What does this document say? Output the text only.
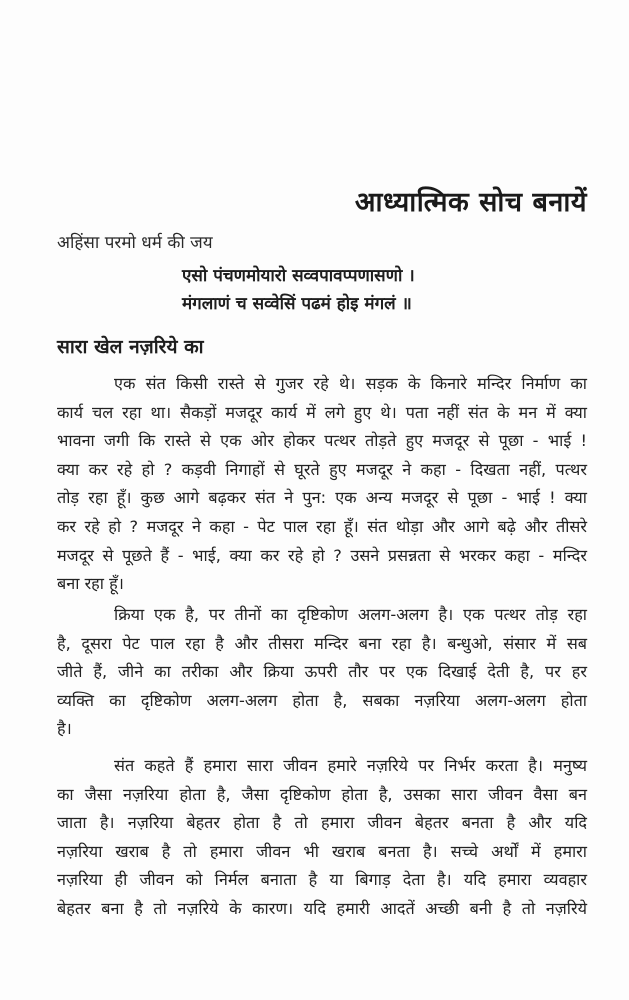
आध्यात्मिक सोच बनायें
अहिंसा परमो धर्म की जय
एसो पंचणमोयारो सव्वपावप्पणासणो ।
मंगलाणं च सव्वेसिं पढमं होइ मंगलं ॥
सारा खेल नज़रिये का
एक संत किसी रास्ते से गुजर रहे थे। सड़क के किनारे मन्दिर निर्माण का
कार्य चल रहा था। सैकड़ों मजदूर कार्य में लगे हुए थे। पता नहीं संत के मन में क्या
भावना जगी कि रास्ते से एक ओर होकर पत्थर तोड़ते हुए मजदूर से पूछा - भाई !
क्या कर रहे हो ? कड़वी निगाहों से घूरते हुए मजदूर ने कहा - दिखता नहीं, पत्थर
तोड़ रहा हूँ। कुछ आगे बढ़कर संत ने पुन: एक अन्य मजदूर से पूछा - भाई ! क्या
कर रहे हो ? मजदूर ने कहा - पेट पाल रहा हूँ। संत थोड़ा और आगे बढ़े और तीसरे
मजदूर से पूछते हैं - भाई, क्या कर रहे हो ? उसने प्रसन्नता से भरकर कहा - मन्दिर
बना रहा हूँ।
क्रिया एक है, पर तीनों का दृष्टिकोण अलग-अलग है। एक पत्थर तोड़ रहा
है, दूसरा पेट पाल रहा है और तीसरा मन्दिर बना रहा है। बन्धुओ, संसार में सब
जीते हैं, जीने का तरीका और क्रिया ऊपरी तौर पर एक दिखाई देती है, पर हर
व्यक्ति का दृष्टिकोण अलग-अलग होता है, सबका नज़रिया अलग-अलग होता
है।
संत कहते हैं हमारा सारा जीवन हमारे नज़रिये पर निर्भर करता है। मनुष्य
का जैसा नज़रिया होता है, जैसा दृष्टिकोण होता है, उसका सारा जीवन वैसा बन
जाता है। नज़रिया बेहतर होता है तो हमारा जीवन बेहतर बनता है और यदि
नज़रिया खराब है तो हमारा जीवन भी खराब बनता है। सच्चे अर्थों में हमारा
नज़रिया ही जीवन को निर्मल बनाता है या बिगाड़ देता है। यदि हमारा व्यवहार
बेहतर बना है तो नज़रिये के कारण। यदि हमारी आदतें अच्छी बनी है तो नज़रिये
